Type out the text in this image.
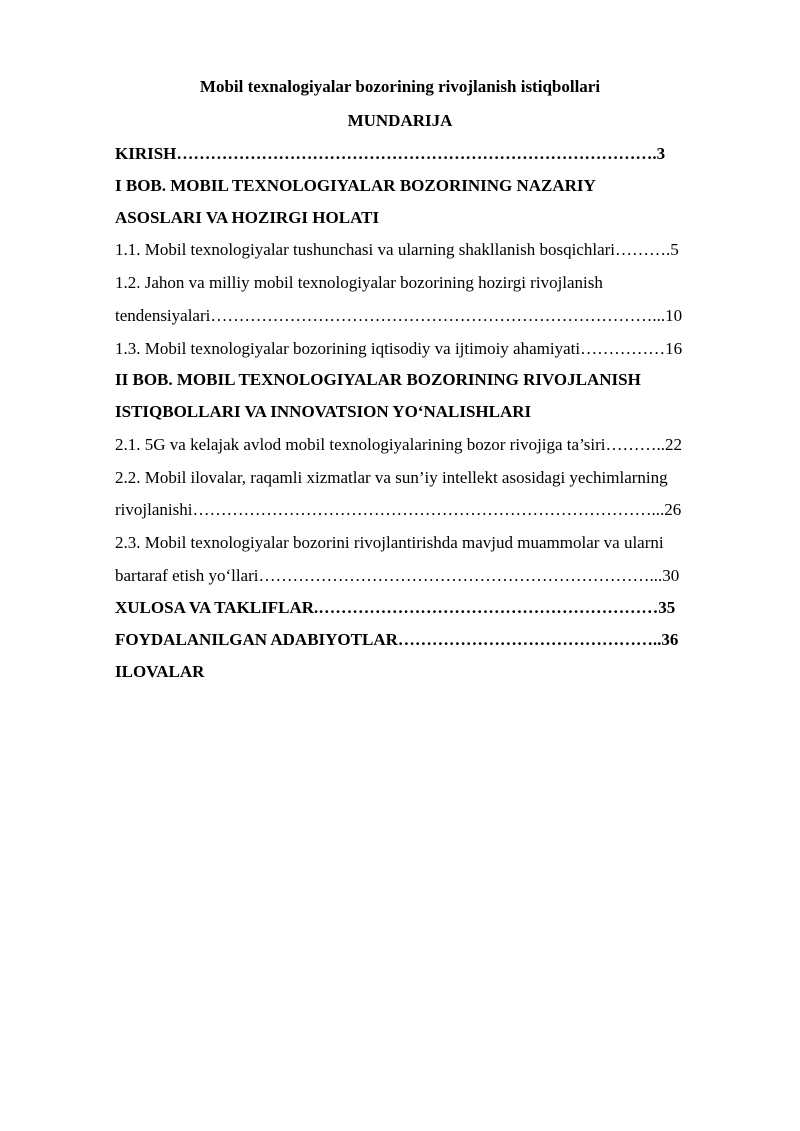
Mobil texnalogiyalar bozorining rivojlanish istiqbollari
MUNDARIJA
KIRISH………………………………………………………………………….3
I BOB. MOBIL TEXNOLOGIYALAR BOZORINING NAZARIY
ASOSLARI VA HOZIRGI HOLATI
1.1. Mobil texnologiyalar tushunchasi va ularning shakllanish bosqichlari……….5
1.2. Jahon va milliy mobil texnologiyalar bozorining hozirgi rivojlanish
tendensiyalari……………………………………………………………………...10
1.3. Mobil texnologiyalar bozorining iqtisodiy va ijtimoiy ahamiyati……………16
II BOB. MOBIL TEXNOLOGIYALAR BOZORINING RIVOJLANISH
ISTIQBOLLARI VA INNOVATSION YO‘NALISHLARI
2.1. 5G va kelajak avlod mobil texnologiyalarining bozor rivojiga ta’siri………..22
2.2. Mobil ilovalar, raqamli xizmatlar va sun’iy intellekt asosidagi yechimlarning
rivojlanishi………………………………………………………………………...26
2.3. Mobil texnologiyalar bozorini rivojlantirishda mavjud muammolar va ularni
bartaraf etish yo‘llari……………………………………………………………...30
XULOSA VA TAKLIFLAR.……………………………………………………35
FOYDALANILGAN ADABIYOTLAR………………………………………..36
ILOVALAR
